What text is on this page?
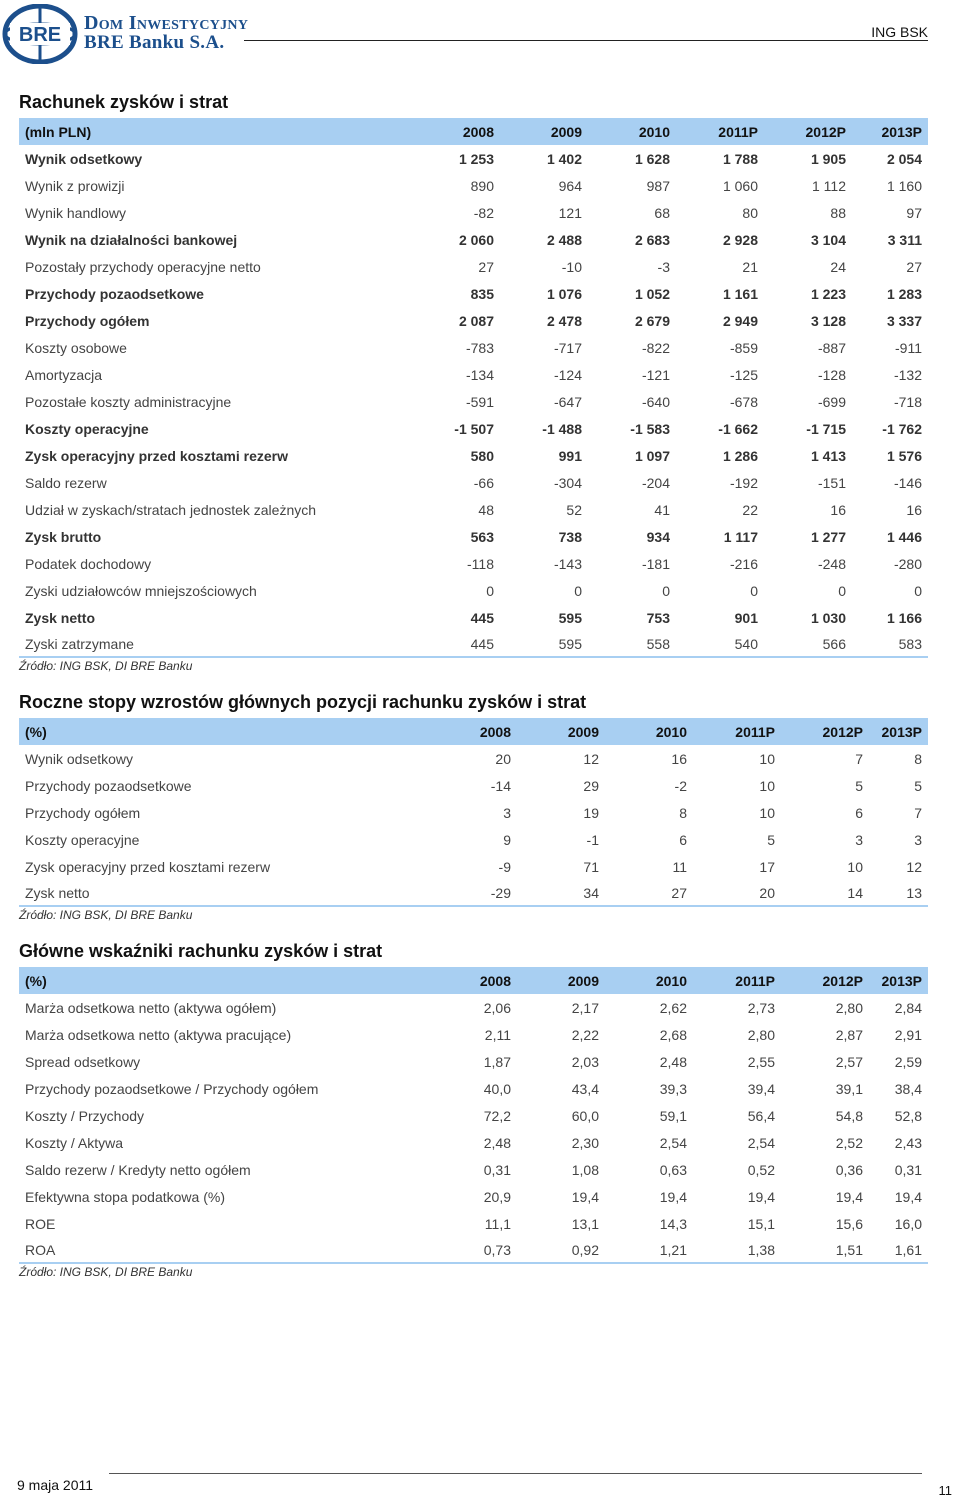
BRE
Dom Inwestycyjny
BRE Banku S.A.	ING BSK
Rachunek zysków i strat
(mln PLN)	2008	2009	2010	2011P	2012P	2013P
Wynik odsetkowy	1 253	1 402	1 628	1 788	1 905	2 054
Wynik z prowizji	890	964	987	1 060	1 112	1 160
Wynik handlowy	-82	121	68	80	88	97
Wynik na działalności bankowej	2 060	2 488	2 683	2 928	3 104	3 311
Pozostały przychody operacyjne netto	27	-10	-3	21	24	27
Przychody pozaodsetkowe	835	1 076	1 052	1 161	1 223	1 283
Przychody ogółem	2 087	2 478	2 679	2 949	3 128	3 337
Koszty osobowe	-783	-717	-822	-859	-887	-911
Amortyzacja	-134	-124	-121	-125	-128	-132
Pozostałe koszty administracyjne	-591	-647	-640	-678	-699	-718
Koszty operacyjne	-1 507	-1 488	-1 583	-1 662	-1 715	-1 762
Zysk operacyjny przed kosztami rezerw	580	991	1 097	1 286	1 413	1 576
Saldo rezerw	-66	-304	-204	-192	-151	-146
Udział w zyskach/stratach jednostek zależnych	48	52	41	22	16	16
Zysk brutto	563	738	934	1 117	1 277	1 446
Podatek dochodowy	-118	-143	-181	-216	-248	-280
Zyski udziałowców mniejszościowych	0	0	0	0	0	0
Zysk netto	445	595	753	901	1 030	1 166
Zyski zatrzymane	445	595	558	540	566	583
Źródło: ING BSK, DI BRE Banku
Roczne stopy wzrostów głównych pozycji rachunku zysków i strat
(%)	2008	2009	2010	2011P	2012P	2013P
Wynik odsetkowy	20	12	16	10	7	8
Przychody pozaodsetkowe	-14	29	-2	10	5	5
Przychody ogółem	3	19	8	10	6	7
Koszty operacyjne	9	-1	6	5	3	3
Zysk operacyjny przed kosztami rezerw	-9	71	11	17	10	12
Zysk netto	-29	34	27	20	14	13
Źródło: ING BSK, DI BRE Banku
Główne wskaźniki rachunku zysków i strat
(%)	2008	2009	2010	2011P	2012P	2013P
Marża odsetkowa netto (aktywa ogółem)	2,06	2,17	2,62	2,73	2,80	2,84
Marża odsetkowa netto (aktywa pracujące)	2,11	2,22	2,68	2,80	2,87	2,91
Spread odsetkowy	1,87	2,03	2,48	2,55	2,57	2,59
Przychody pozaodsetkowe / Przychody ogółem	40,0	43,4	39,3	39,4	39,1	38,4
Koszty / Przychody	72,2	60,0	59,1	56,4	54,8	52,8
Koszty / Aktywa	2,48	2,30	2,54	2,54	2,52	2,43
Saldo rezerw / Kredyty netto ogółem	0,31	1,08	0,63	0,52	0,36	0,31
Efektywna stopa podatkowa (%)	20,9	19,4	19,4	19,4	19,4	19,4
ROE	11,1	13,1	14,3	15,1	15,6	16,0
ROA	0,73	0,92	1,21	1,38	1,51	1,61
Źródło: ING BSK, DI BRE Banku
9 maja 2011	11
